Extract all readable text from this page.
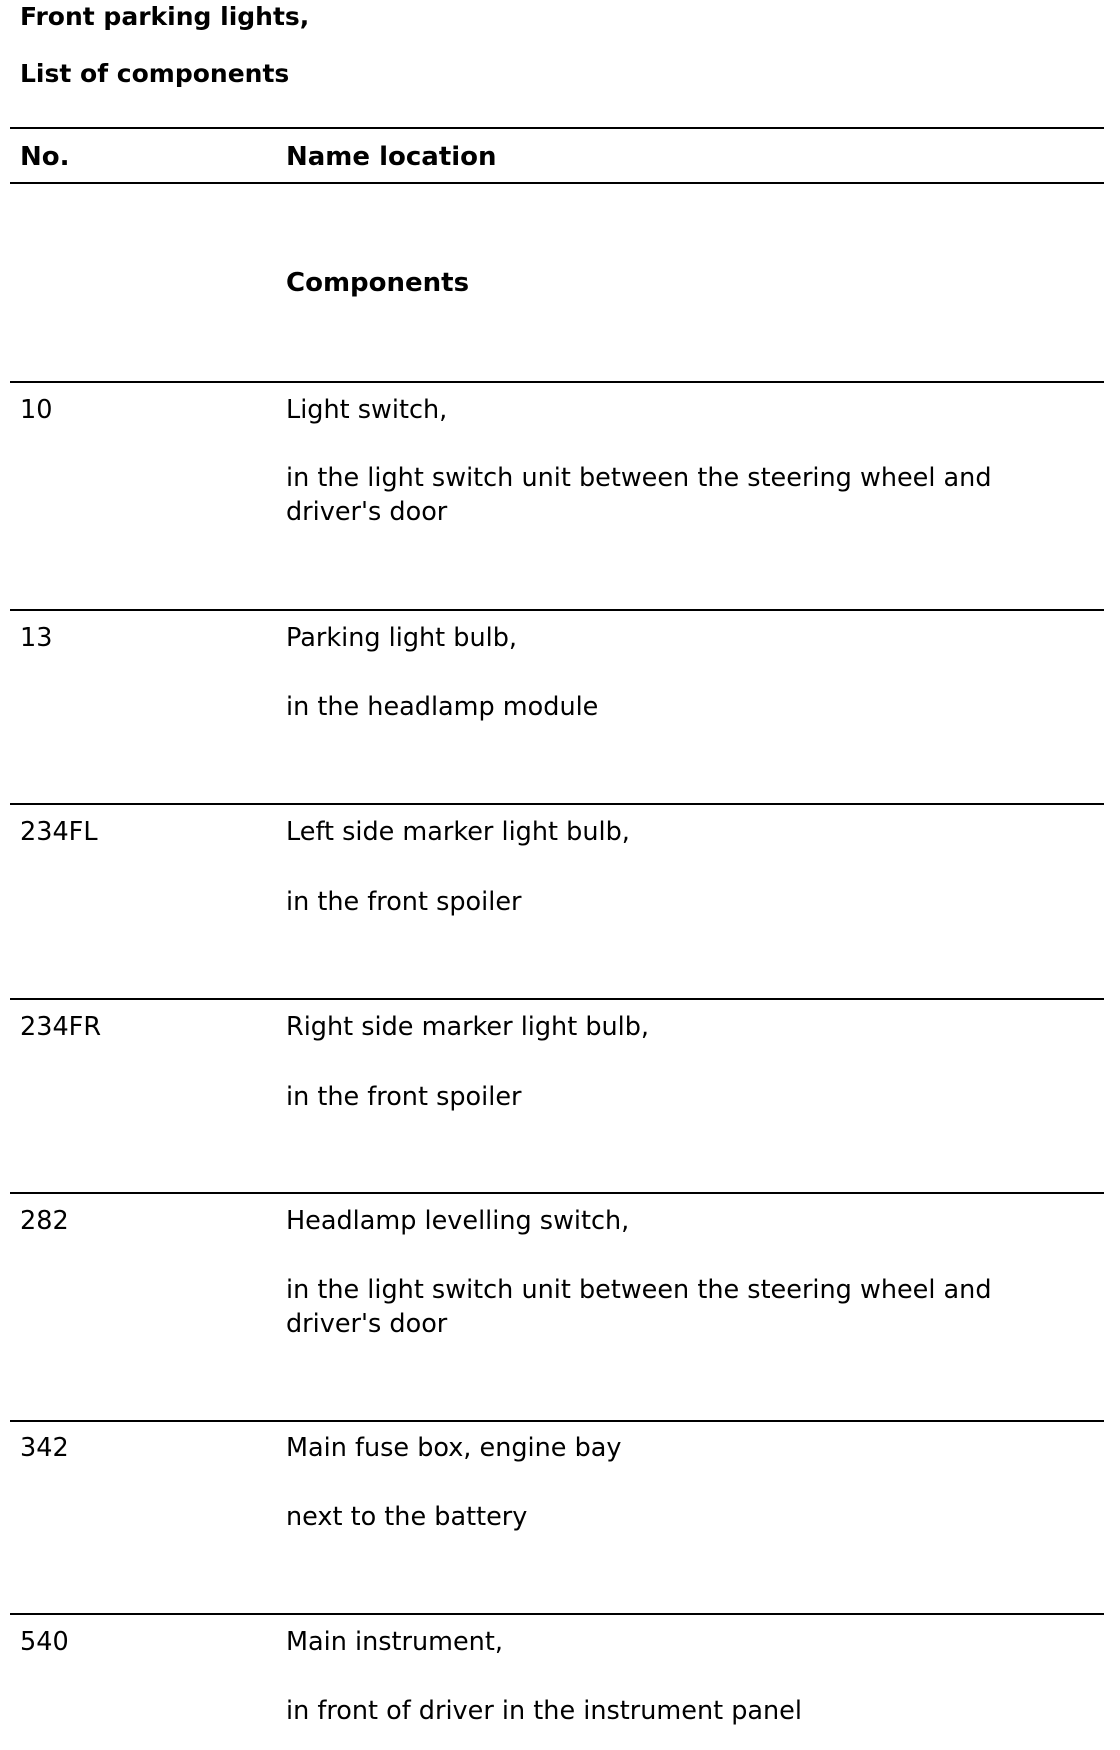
Front parking lights,
List of components
No.	Name location
Components
10	Light switch,
in the light switch unit between the steering wheel and driver's door
13	Parking light bulb,
in the headlamp module
234FL	Left side marker light bulb,
in the front spoiler
234FR	Right side marker light bulb,
in the front spoiler
282	Headlamp levelling switch,
in the light switch unit between the steering wheel and driver's door
342	Main fuse box, engine bay
next to the battery
540	Main instrument,
in front of driver in the instrument panel
